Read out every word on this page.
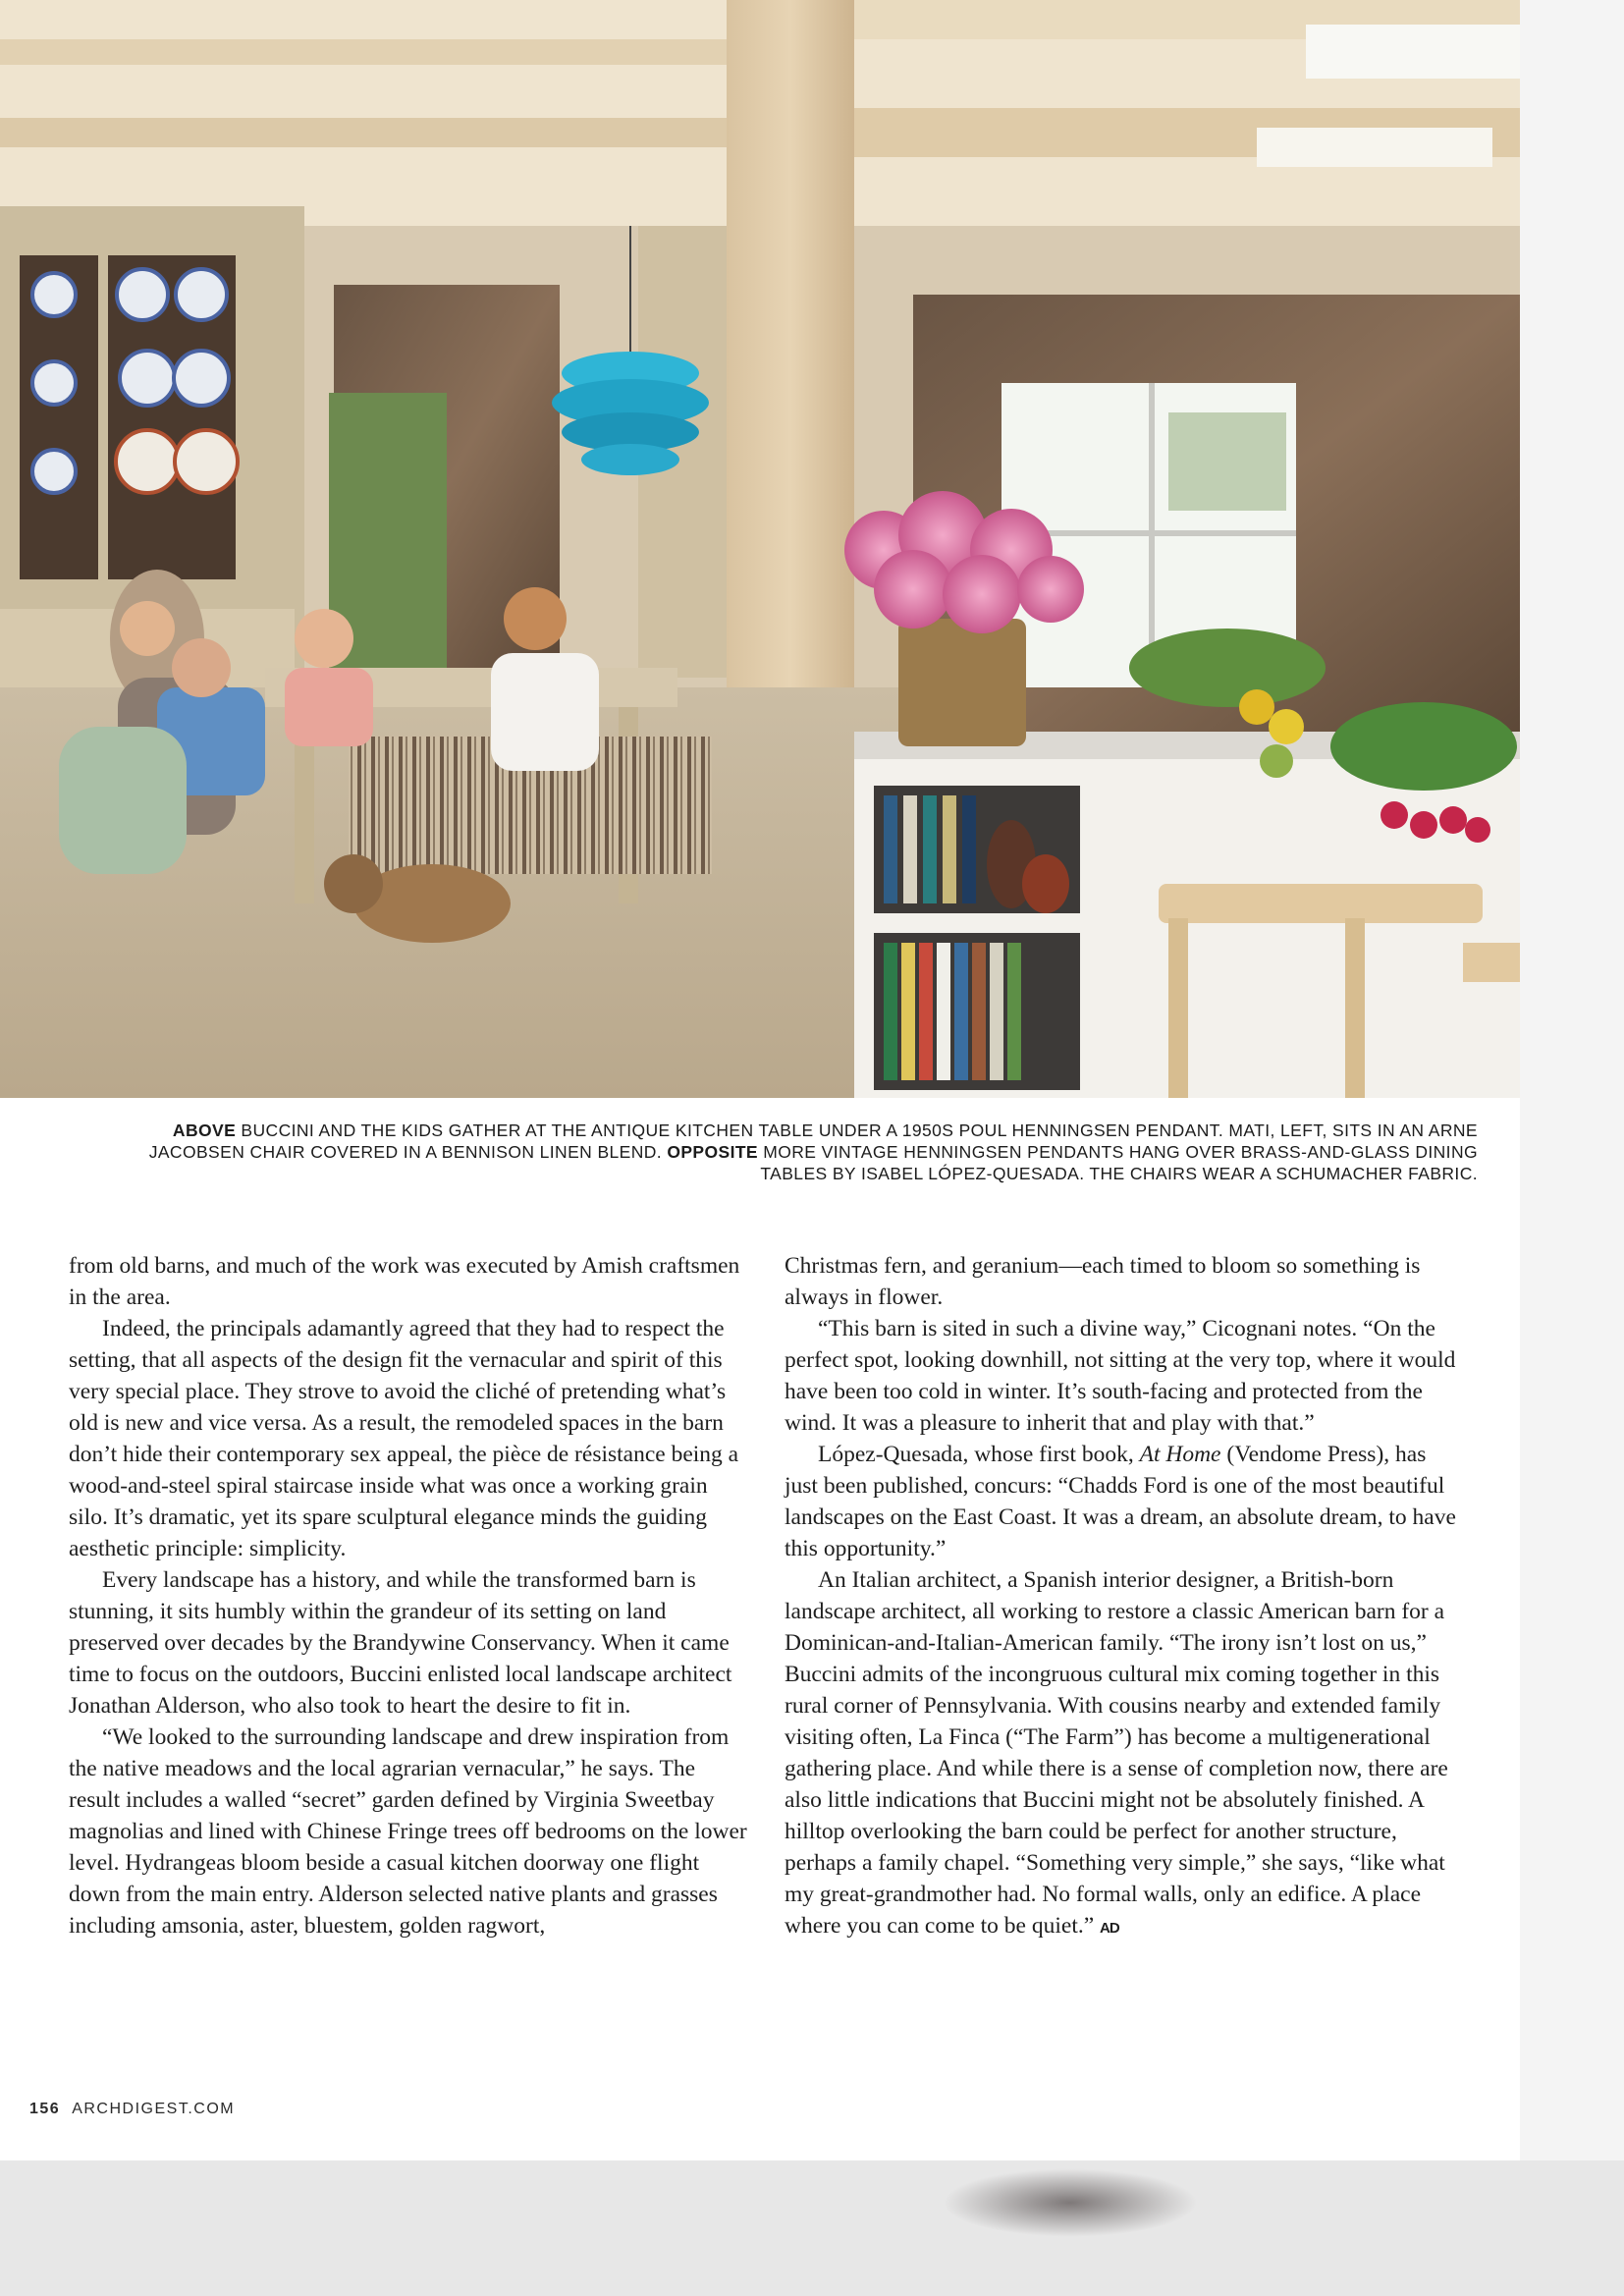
ABOVE BUCCINI AND THE KIDS GATHER AT THE ANTIQUE KITCHEN TABLE UNDER A 1950S POUL HENNINGSEN PENDANT. MATI, LEFT, SITS IN AN ARNE JACOBSEN CHAIR COVERED IN A BENNISON LINEN BLEND. OPPOSITE MORE VINTAGE HENNINGSEN PENDANTS HANG OVER BRASS-AND-GLASS DINING TABLES BY ISABEL LÓPEZ-QUESADA. THE CHAIRS WEAR A SCHUMACHER FABRIC.

from old barns, and much of the work was executed by Amish craftsmen in the area.

Indeed, the principals adamantly agreed that they had to respect the setting, that all aspects of the design fit the vernacular and spirit of this very special place. They strove to avoid the cliché of pretending what’s old is new and vice versa. As a result, the remodeled spaces in the barn don’t hide their contemporary sex appeal, the pièce de résistance being a wood-and-steel spiral staircase inside what was once a working grain silo. It’s dramatic, yet its spare sculptural elegance minds the guiding aesthetic principle: simplicity.

Every landscape has a history, and while the transformed barn is stunning, it sits humbly within the grandeur of its setting on land preserved over decades by the Brandywine Conservancy. When it came time to focus on the outdoors, Buccini enlisted local landscape architect Jonathan Alderson, who also took to heart the desire to fit in.

“We looked to the surrounding landscape and drew inspiration from the native meadows and the local agrarian vernacular,” he says. The result includes a walled “secret” garden defined by Virginia Sweetbay magnolias and lined with Chinese Fringe trees off bedrooms on the lower level. Hydrangeas bloom beside a casual kitchen doorway one flight down from the main entry. Alderson selected native plants and grasses including amsonia, aster, bluestem, golden ragwort,

Christmas fern, and geranium—each timed to bloom so something is always in flower.

“This barn is sited in such a divine way,” Cicognani notes. “On the perfect spot, looking downhill, not sitting at the very top, where it would have been too cold in winter. It’s south-facing and protected from the wind. It was a pleasure to inherit that and play with that.”

López-Quesada, whose first book, At Home (Vendome Press), has just been published, concurs: “Chadds Ford is one of the most beautiful landscapes on the East Coast. It was a dream, an absolute dream, to have this opportunity.”

An Italian architect, a Spanish interior designer, a British-born landscape architect, all working to restore a classic American barn for a Dominican-and-Italian-American family. “The irony isn’t lost on us,” Buccini admits of the incongruous cultural mix coming together in this rural corner of Pennsylvania. With cousins nearby and extended family visiting often, La Finca (“The Farm”) has become a multigenerational gathering place. And while there is a sense of completion now, there are also little indications that Buccini might not be absolutely finished. A hilltop overlooking the barn could be perfect for another structure, perhaps a family chapel. “Something very simple,” she says, “like what my great-grandmother had. No formal walls, only an edifice. A place where you can come to be quiet.” AD

156 ARCHDIGEST.COM
